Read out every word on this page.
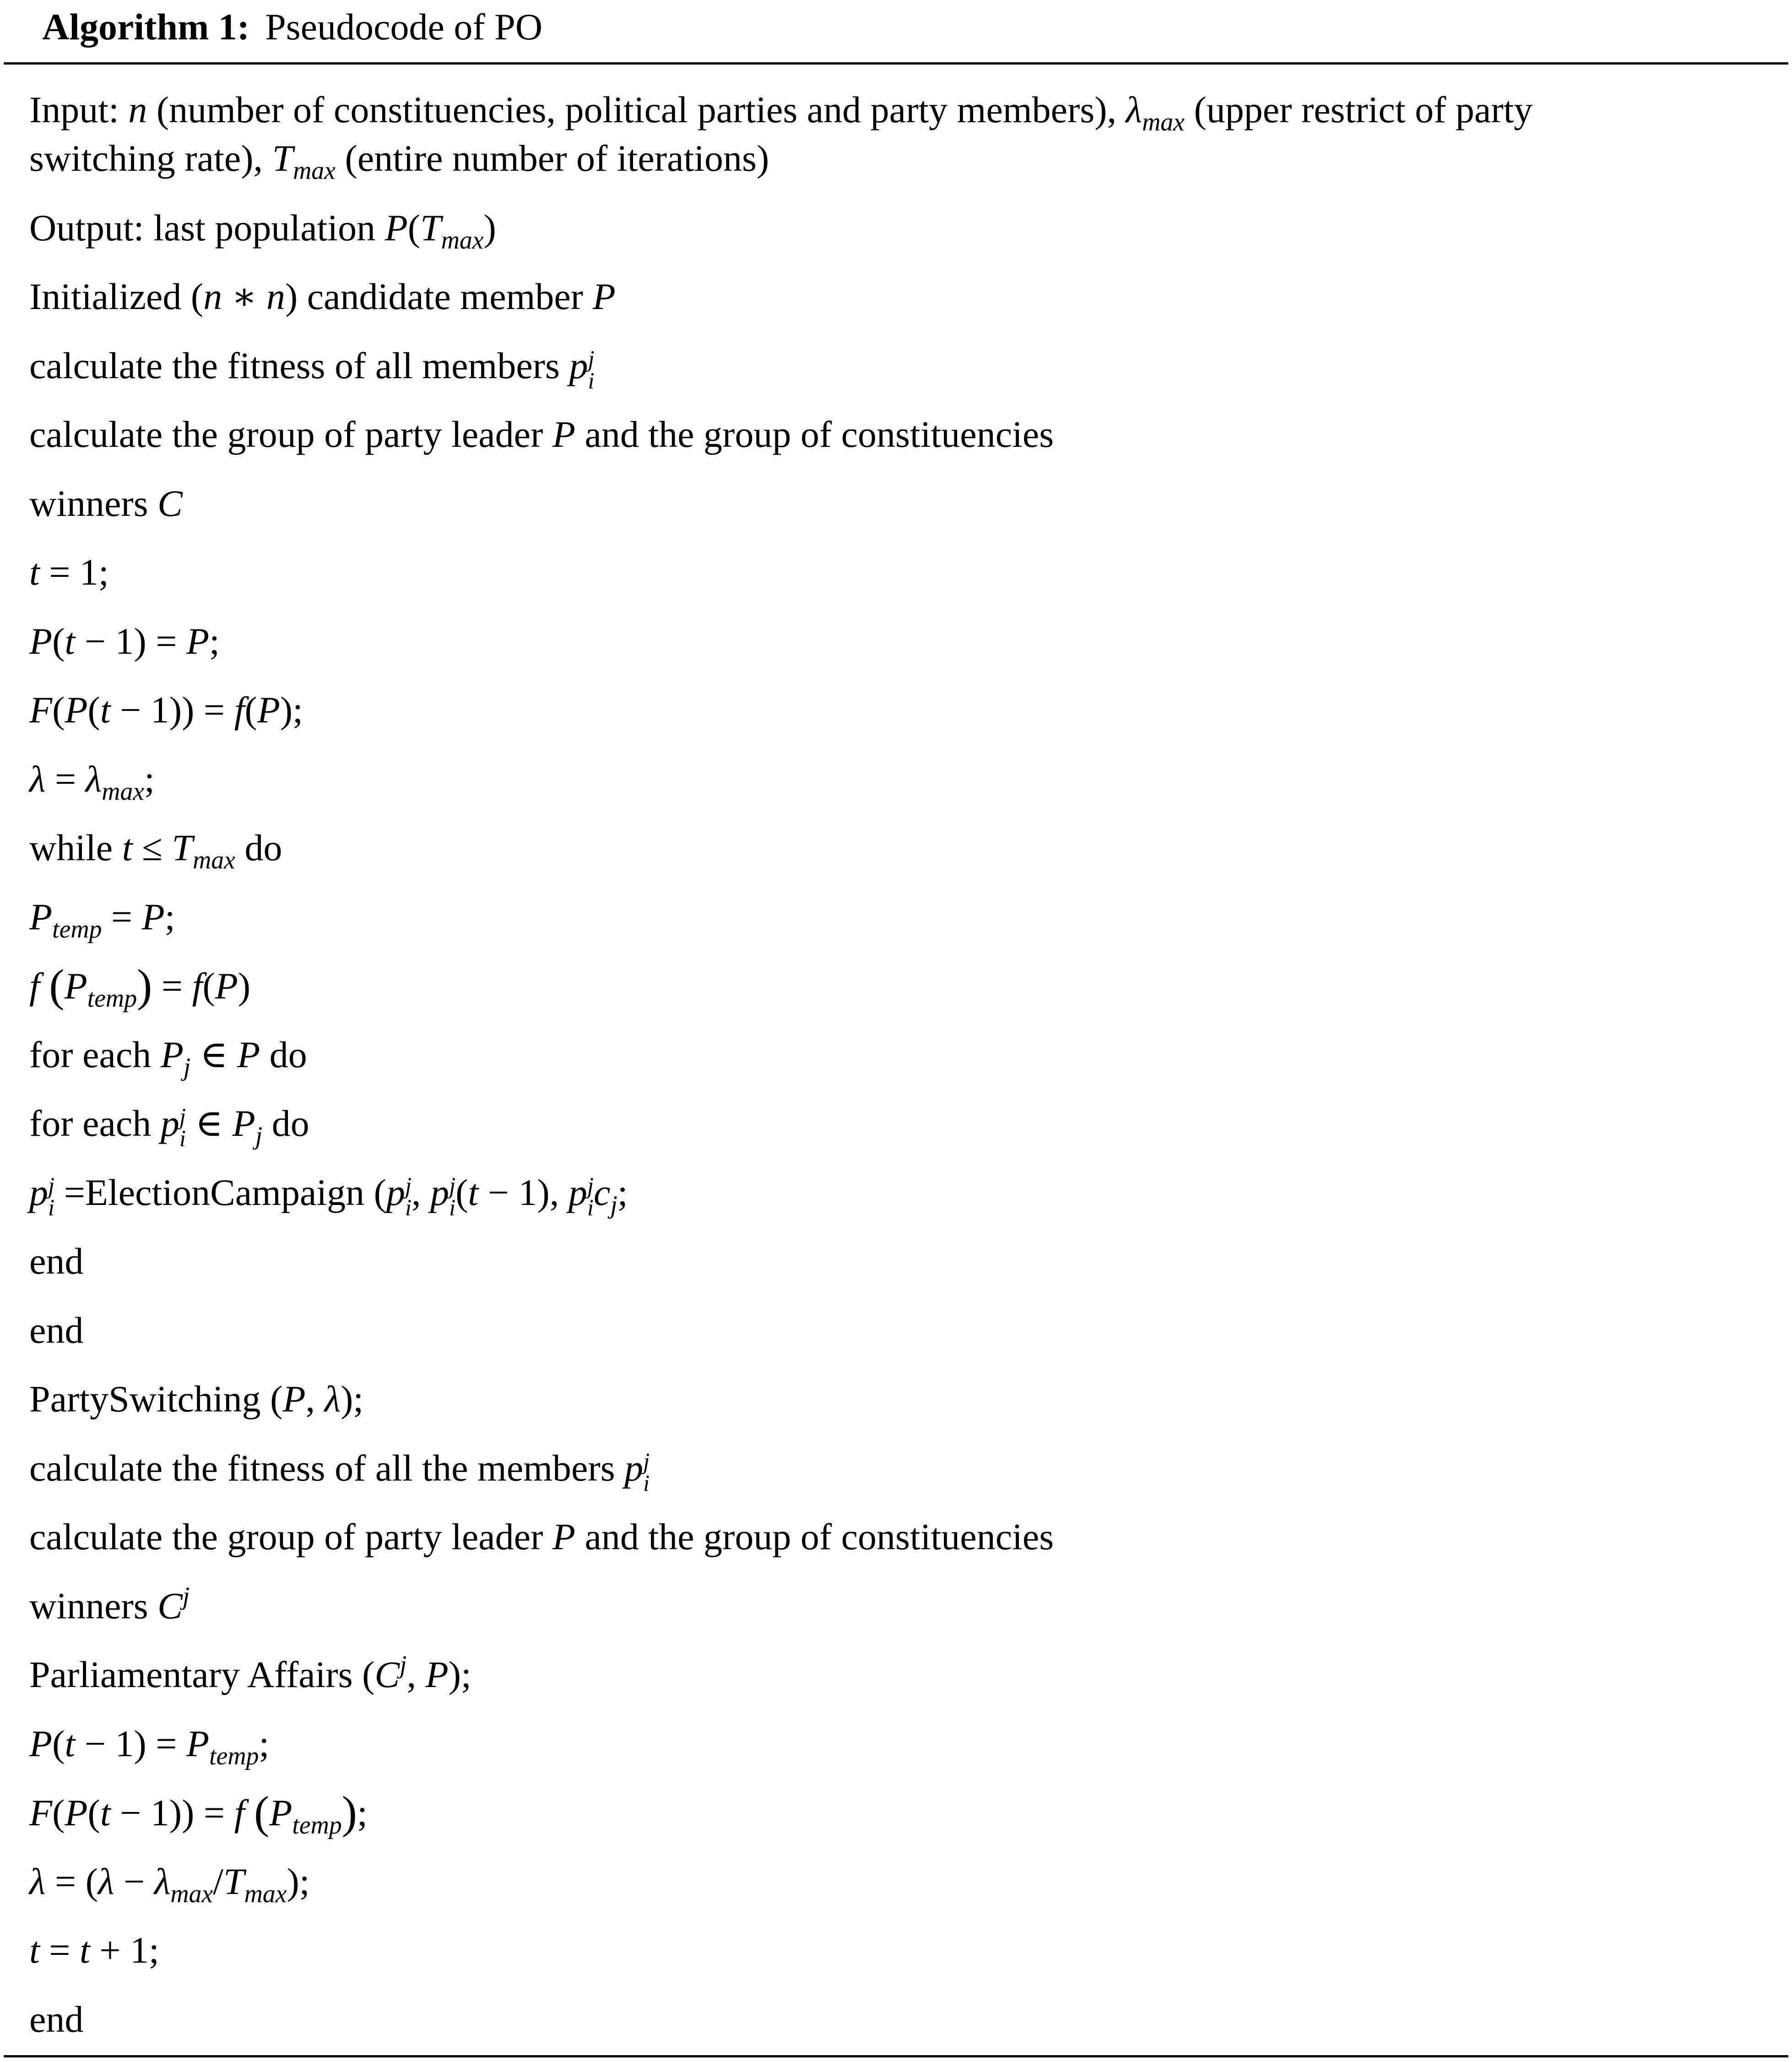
Algorithm 1: Pseudocode of PO
Input: n (number of constituencies, political parties and party members), $\lambda_{max}$ (upper restrict of party
switching rate), $T_{max}$ (entire number of iterations)
Output: last population $P(T_{max})$
Initialized (n ∗ n) candidate member P
calculate the fitness of all members p j
i
calculate the group of party leader P and the group of constituencies
winners C
t = 1;
P(t − 1) = P;
F(P(t − 1)) = f(P);
$\lambda = \lambda_{max}$;
while $t \le T_{max}$ do
$P_{temp} = P$;
f $(P_{temp}) = f(P)$
for each $P_j$ ∈ P do
for each p j
i ∈ $P_j$ do
p j
i =ElectionCampaign (p j
i , p j
i (t − 1), p j
i $c_j$;
end
end
PartySwitching (P, λ);
calculate the fitness of all the members p j
i
calculate the group of party leader P and the group of constituencies
winners $C^j$
Parliamentary Affairs ($C^j$, P);
$P(t - 1) = P_{temp}$;
F(P(t − 1)) = f $(P_{temp})$;
$\lambda = (\lambda - \lambda_{max}/T_{max})$;
t = t + 1;
end
